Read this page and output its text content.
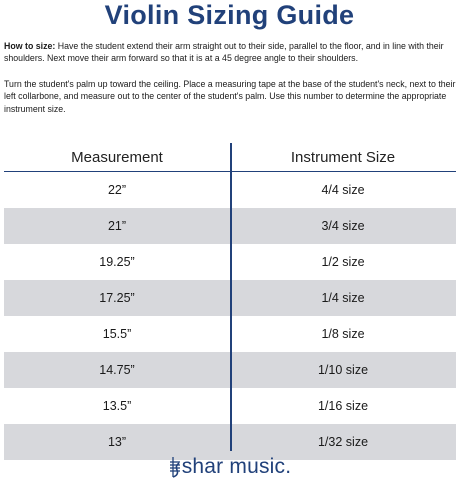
Violin Sizing Guide
How to size: Have the student extend their arm straight out to their side, parallel to the floor, and in line with their shoulders. Next move their arm forward so that it is at a 45 degree angle to their shoulders.
Turn the student's palm up toward the ceiling. Place a measuring tape at the base of the student's neck, next to their left collarbone, and measure out to the center of the student's palm. Use this number to determine the appropriate instrument size.
Measurement	Instrument Size
22”	4/4 size
21”	3/4 size
19.25”	1/2 size
17.25”	1/4 size
15.5”	1/8 size
14.75”	1/10 size
13.5”	1/16 size
13”	1/32 size
shar music.
